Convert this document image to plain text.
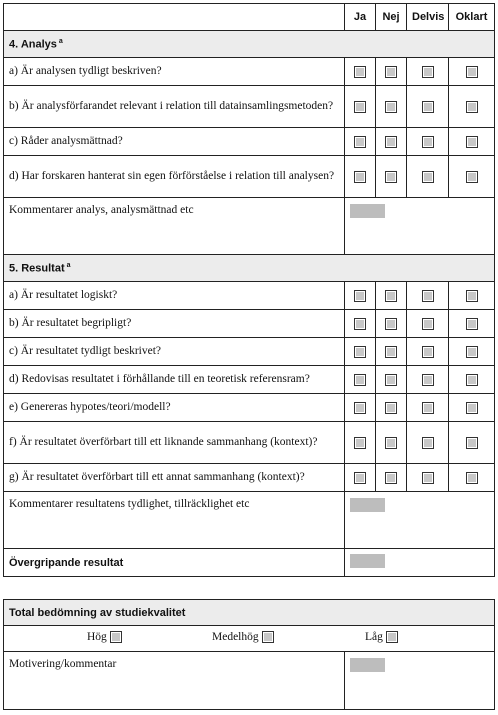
	Ja	Nej	Delvis	Oklart
4. Analys $^a$
a) Är analysen tydligt beskriven?				
b) Är analysförfarandet relevant i relation till datainsamlingsmetoden?				
c) Råder analysmättnad?				
d) Har forskaren hanterat sin egen förförståelse i relation till analysen?				
Kommentarer analys, analysmättnad etc				
5. Resultat $^a$
a) Är resultatet logiskt?				
b) Är resultatet begripligt?				
c) Är resultatet tydligt beskrivet?				
d) Redovisas resultatet i förhållande till en teoretisk referensram?				
e) Genereras hypotes/teori/modell?				
f) Är resultatet överförbart till ett liknande sammanhang (kontext)?				
g) Är resultatet överförbart till ett annat sammanhang (kontext)?				
Kommentarer resultatens tydlighet, tillräcklighet etc				
Övergripande resultat				
Total bedömning av studiekvalitet

Hög	Medelhög	Låg

Motivering/kommentar	
